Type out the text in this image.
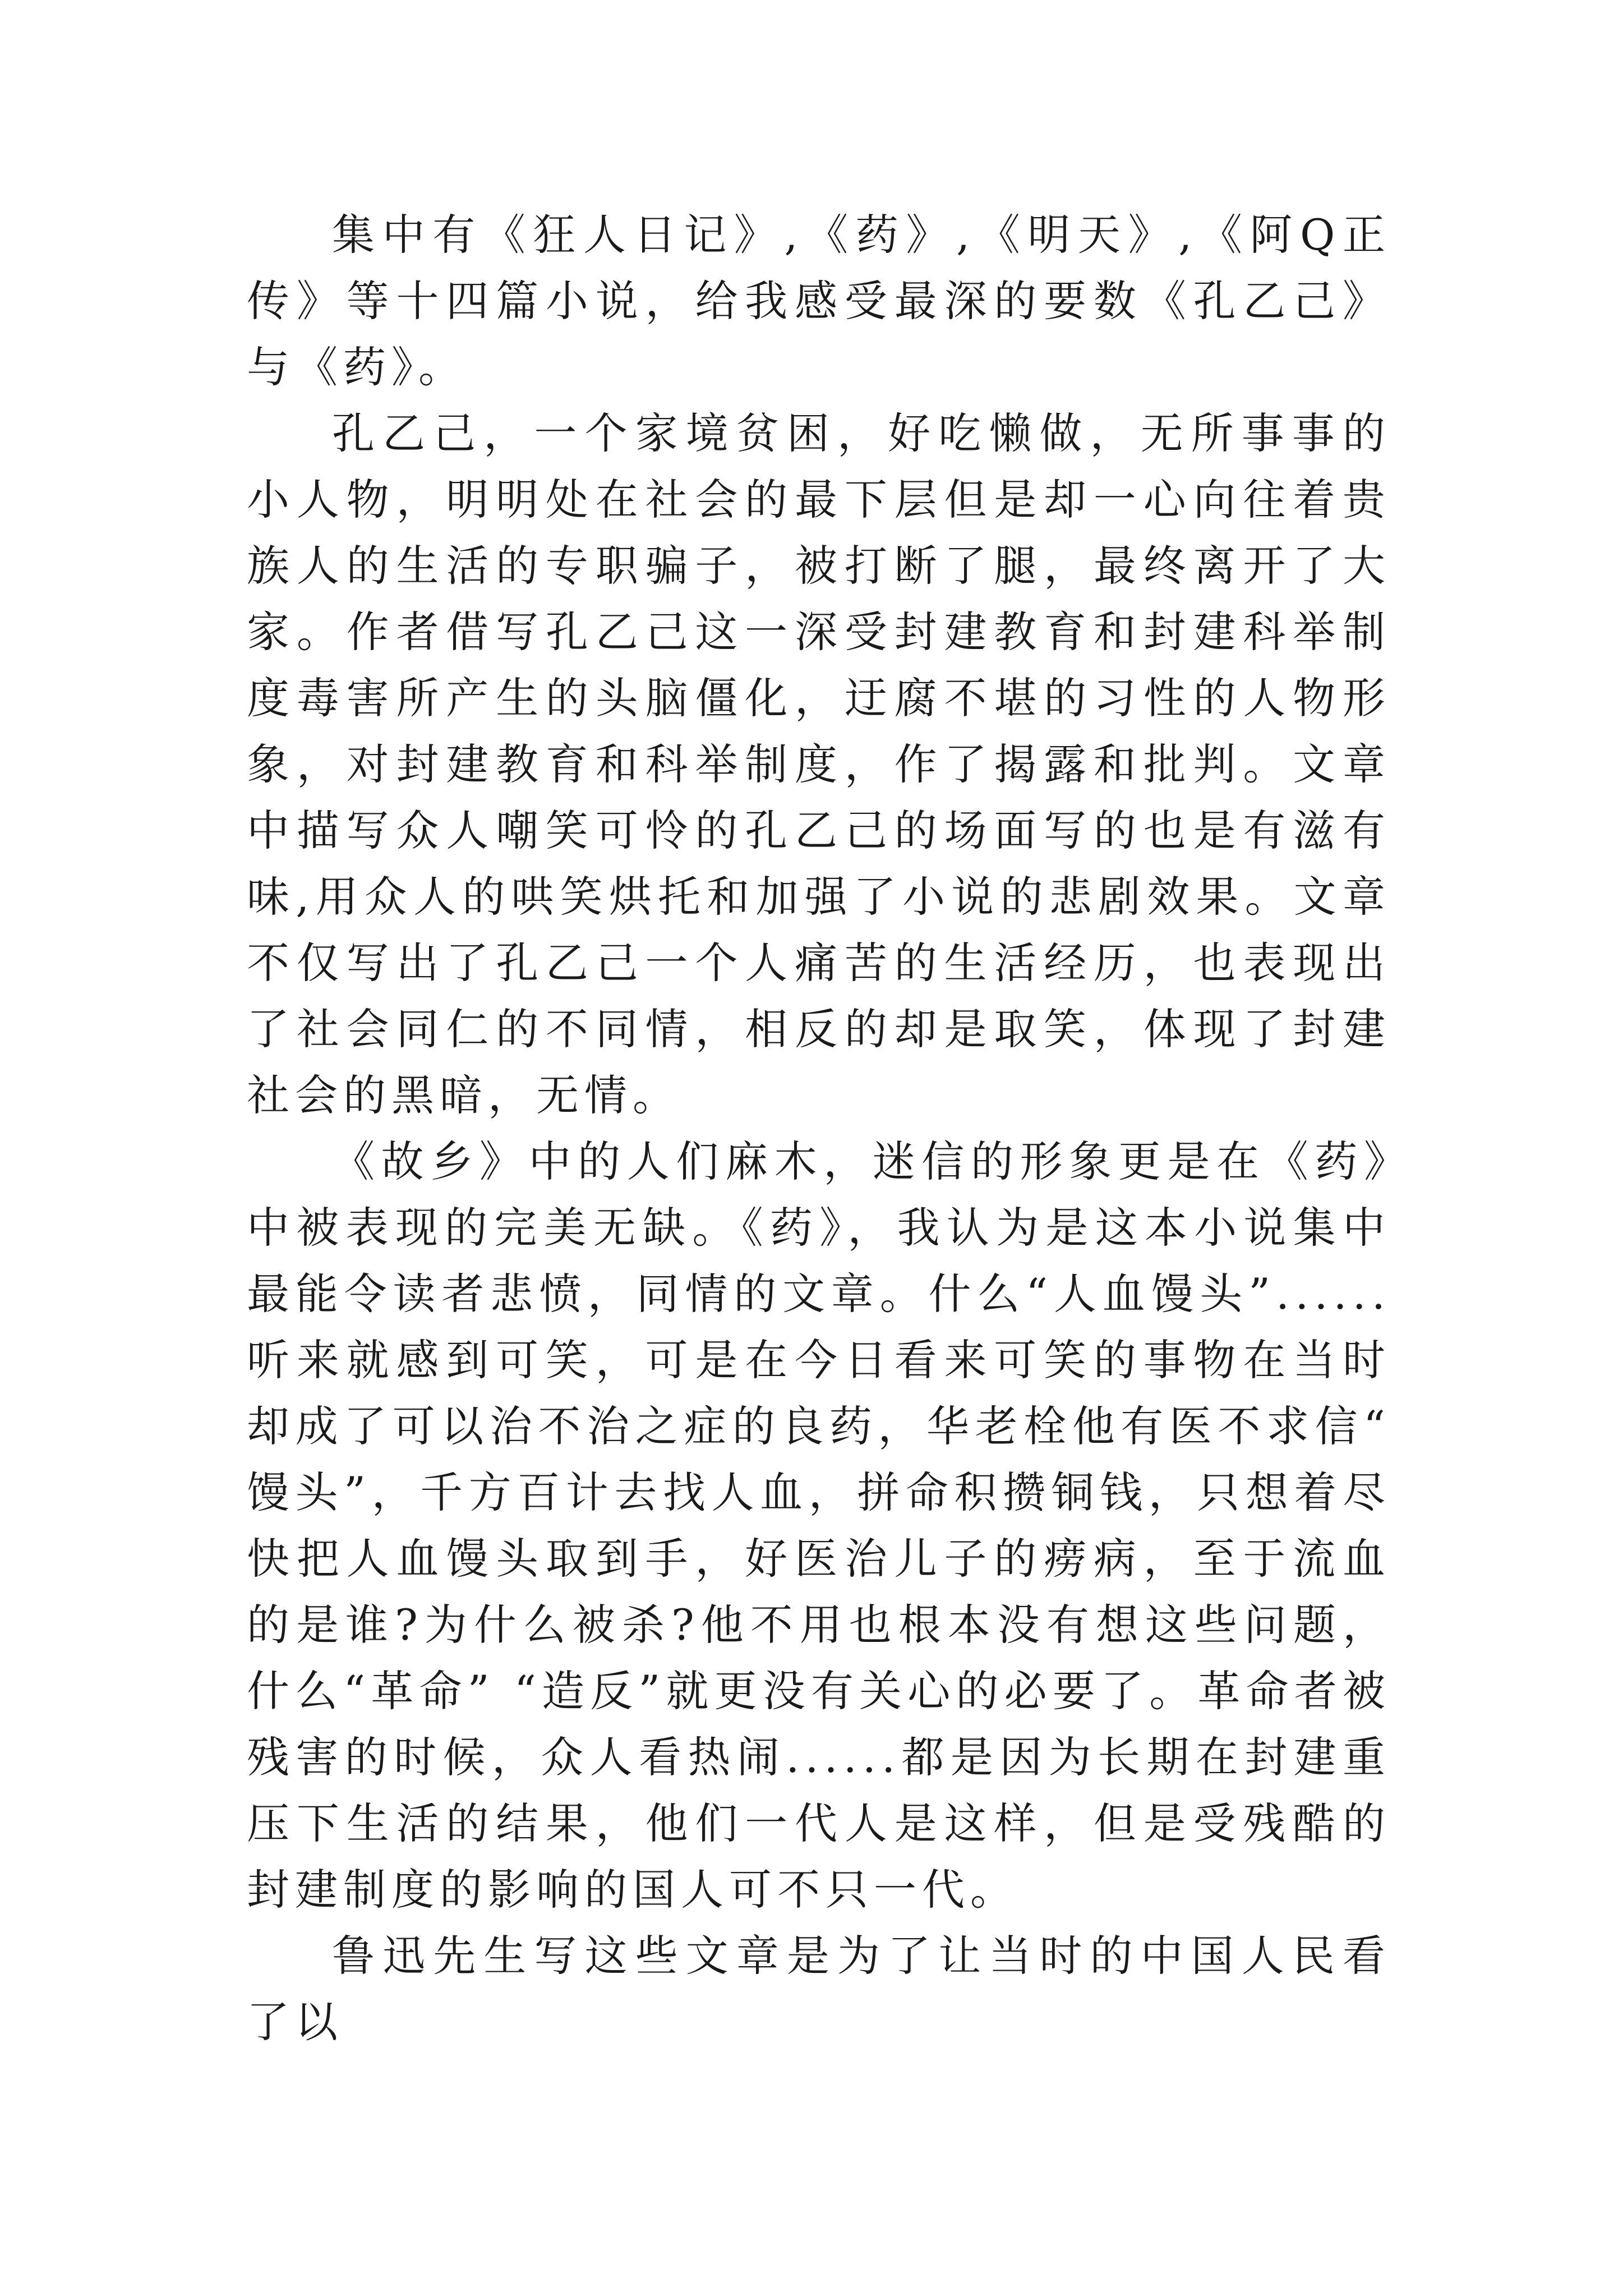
集中有《狂人日记》,《药》,《明天》,《阿Q正传》等十四篇小说，给我感受最深的要数《孔乙己》与《药》。

孔乙己，一个家境贫困，好吃懒做，无所事事的小人物，明明处在社会的最下层但是却一心向往着贵族人的生活的专职骗子，被打断了腿，最终离开了大家。作者借写孔乙己这一深受封建教育和封建科举制度毒害所产生的头脑僵化，迂腐不堪的习性的人物形象，对封建教育和科举制度，作了揭露和批判。文章中描写众人嘲笑可怜的孔乙己的场面写的也是有滋有味,用众人的哄笑烘托和加强了小说的悲剧效果。文章不仅写出了孔乙己一个人痛苦的生活经历，也表现出了社会同仁的不同情，相反的却是取笑，体现了封建社会的黑暗，无情。

《故乡》中的人们麻木，迷信的形象更是在《药》中被表现的完美无缺。《药》，我认为是这本小说集中最能令读者悲愤，同情的文章。什么“人血馒头”......听来就感到可笑，可是在今日看来可笑的事物在当时却成了可以治不治之症的良药，华老栓他有医不求信“馒头”，千方百计去找人血，拼命积攒铜钱，只想着尽快把人血馒头取到手，好医治儿子的痨病，至于流血的是谁?为什么被杀?他不用也根本没有想这些问题，什么“革命” “造反”就更没有关心的必要了。革命者被残害的时候，众人看热闹......都是因为长期在封建重压下生活的结果，他们一代人是这样，但是受残酷的封建制度的影响的国人可不只一代。

鲁迅先生写这些文章是为了让当时的中国人民看了以
